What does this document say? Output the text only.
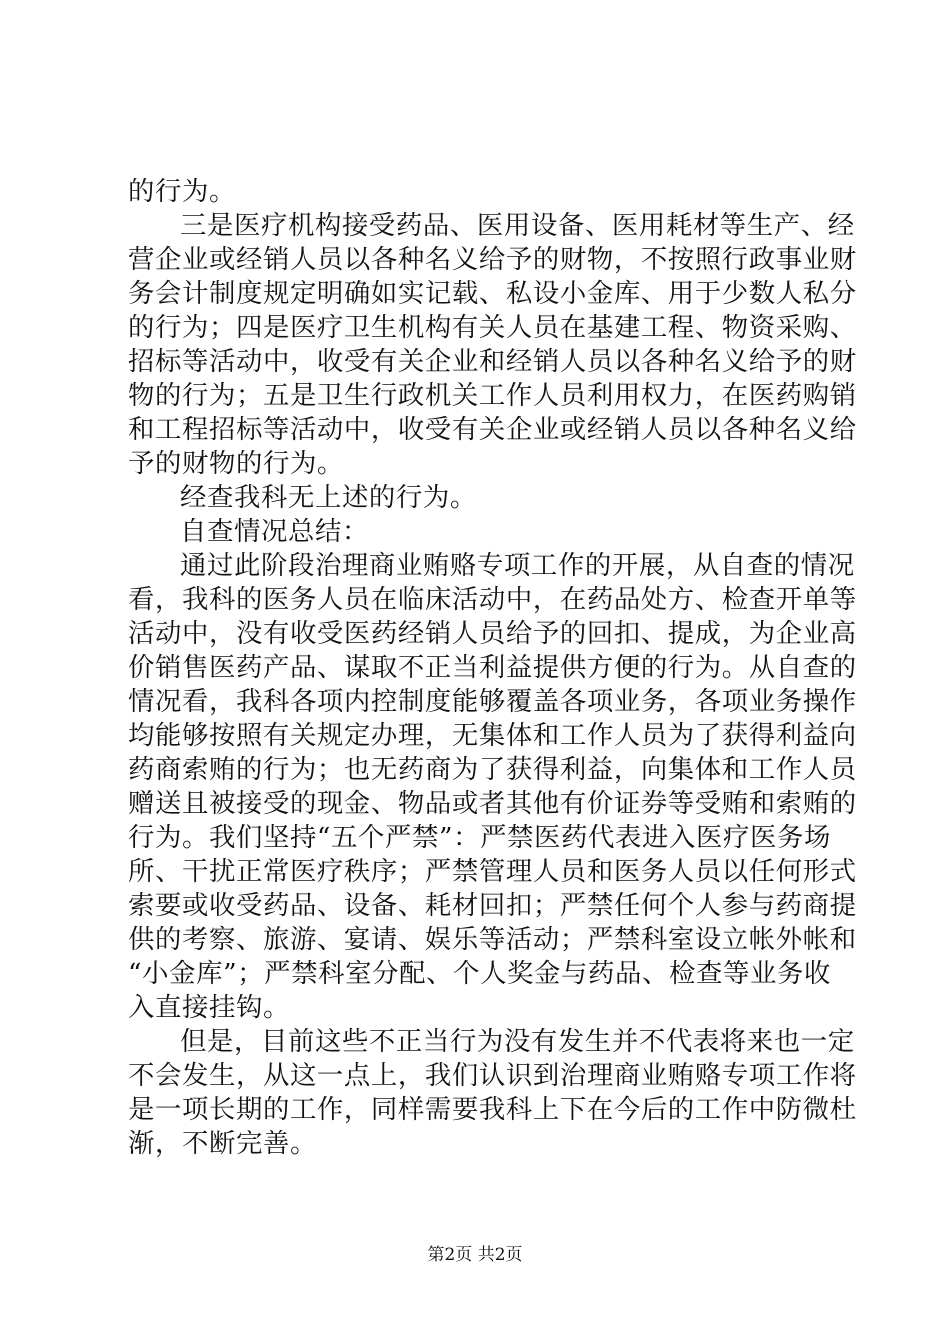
的行为。
三是医疗机构接受药品、医用设备、医用耗材等生产、经
营企业或经销人员以各种名义给予的财物，不按照行政事业财
务会计制度规定明确如实记载、私设小金库、用于少数人私分
的行为；四是医疗卫生机构有关人员在基建工程、物资采购、
招标等活动中，收受有关企业和经销人员以各种名义给予的财
物的行为；五是卫生行政机关工作人员利用权力，在医药购销
和工程招标等活动中，收受有关企业或经销人员以各种名义给
予的财物的行为。
经查我科无上述的行为。
自查情况总结：
通过此阶段治理商业贿赂专项工作的开展，从自查的情况
看，我科的医务人员在临床活动中，在药品处方、检查开单等
活动中，没有收受医药经销人员给予的回扣、提成，为企业高
价销售医药产品、谋取不正当利益提供方便的行为。从自查的
情况看，我科各项内控制度能够覆盖各项业务，各项业务操作
均能够按照有关规定办理，无集体和工作人员为了获得利益向
药商索贿的行为；也无药商为了获得利益，向集体和工作人员
赠送且被接受的现金、物品或者其他有价证券等受贿和索贿的
行为。我们坚持“五个严禁”：严禁医药代表进入医疗医务场
所、干扰正常医疗秩序；严禁管理人员和医务人员以任何形式
索要或收受药品、设备、耗材回扣；严禁任何个人参与药商提
供的考察、旅游、宴请、娱乐等活动；严禁科室设立帐外帐和
“小金库”；严禁科室分配、个人奖金与药品、检查等业务收
入直接挂钩。
但是，目前这些不正当行为没有发生并不代表将来也一定
不会发生，从这一点上，我们认识到治理商业贿赂专项工作将
是一项长期的工作，同样需要我科上下在今后的工作中防微杜
渐，不断完善。
第2页 共2页
